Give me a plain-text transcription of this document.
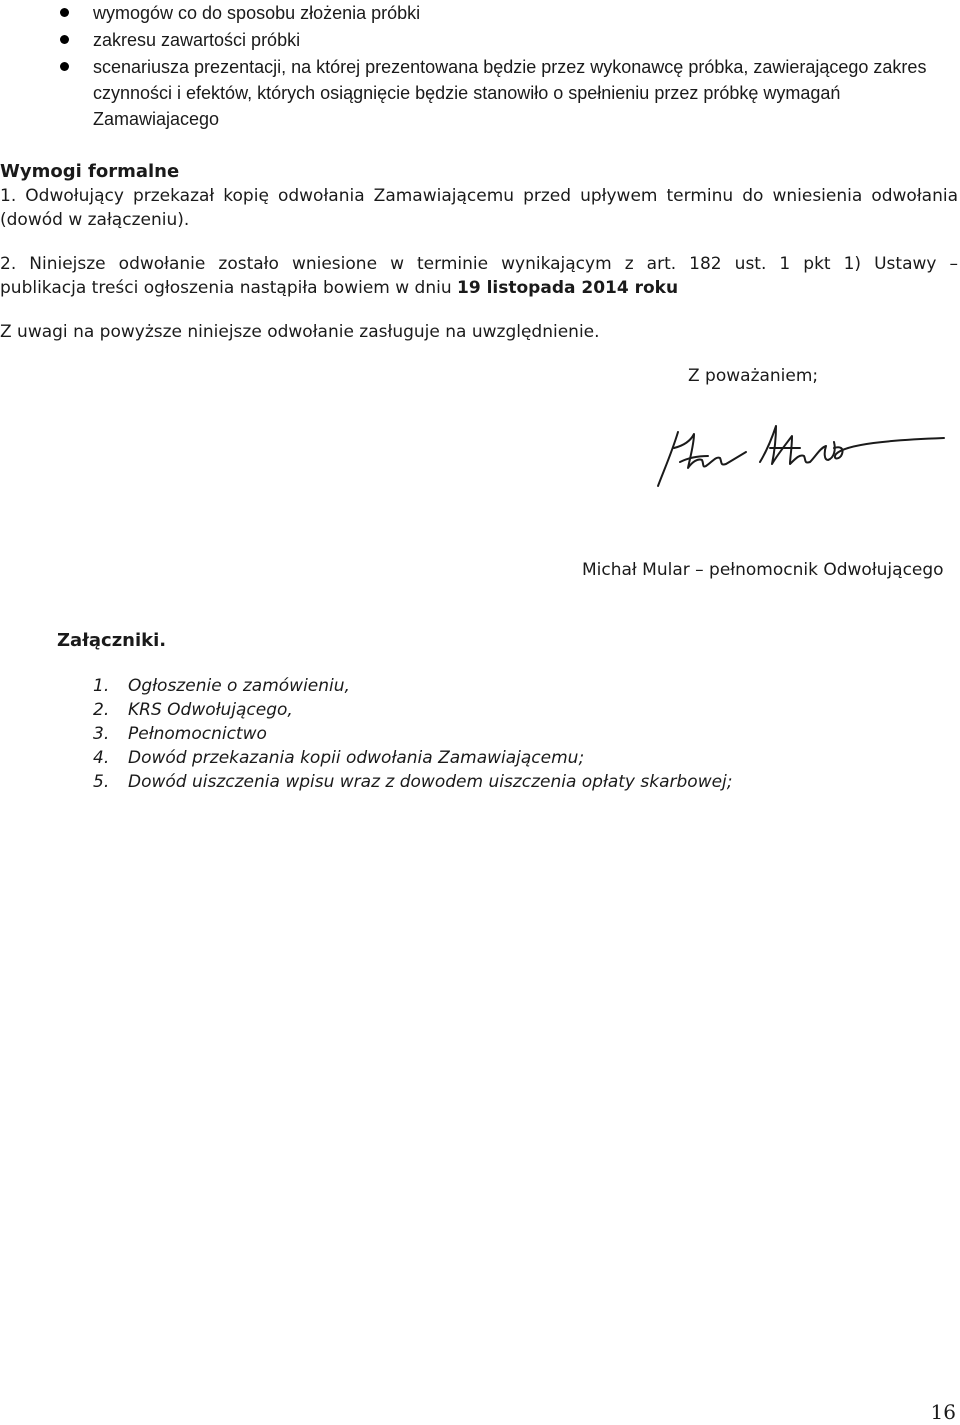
wymogów co do sposobu złożenia próbki
zakresu zawartości próbki
scenariusza prezentacji, na której prezentowana będzie przez wykonawcę próbka, zawierającego zakres czynności i efektów, których osiągnięcie będzie stanowiło o spełnieniu przez próbkę wymagań Zamawiajacego
Wymogi formalne

1. Odwołujący przekazał kopię odwołania Zamawiającemu przed upływem terminu do wniesienia odwołania (dowód w załączeniu).

2. Niniejsze odwołanie zostało wniesione w terminie wynikającym z art. 182 ust. 1 pkt 1) Ustawy –
publikacja treści ogłoszenia nastąpiła bowiem w dniu 19 listopada 2014 roku

Z uwagi na powyższe niniejsze odwołanie zasługuje na uwzględnienie.

Z poważaniem;

Michał Mular – pełnomocnik Odwołującego

Załączniki.
1.	Ogłoszenie o zamówieniu,
2.	KRS Odwołującego,
3.	Pełnomocnictwo
4.	Dowód przekazania kopii odwołania Zamawiającemu;
5.	Dowód uiszczenia wpisu wraz z dowodem uiszczenia opłaty skarbowej;

16
